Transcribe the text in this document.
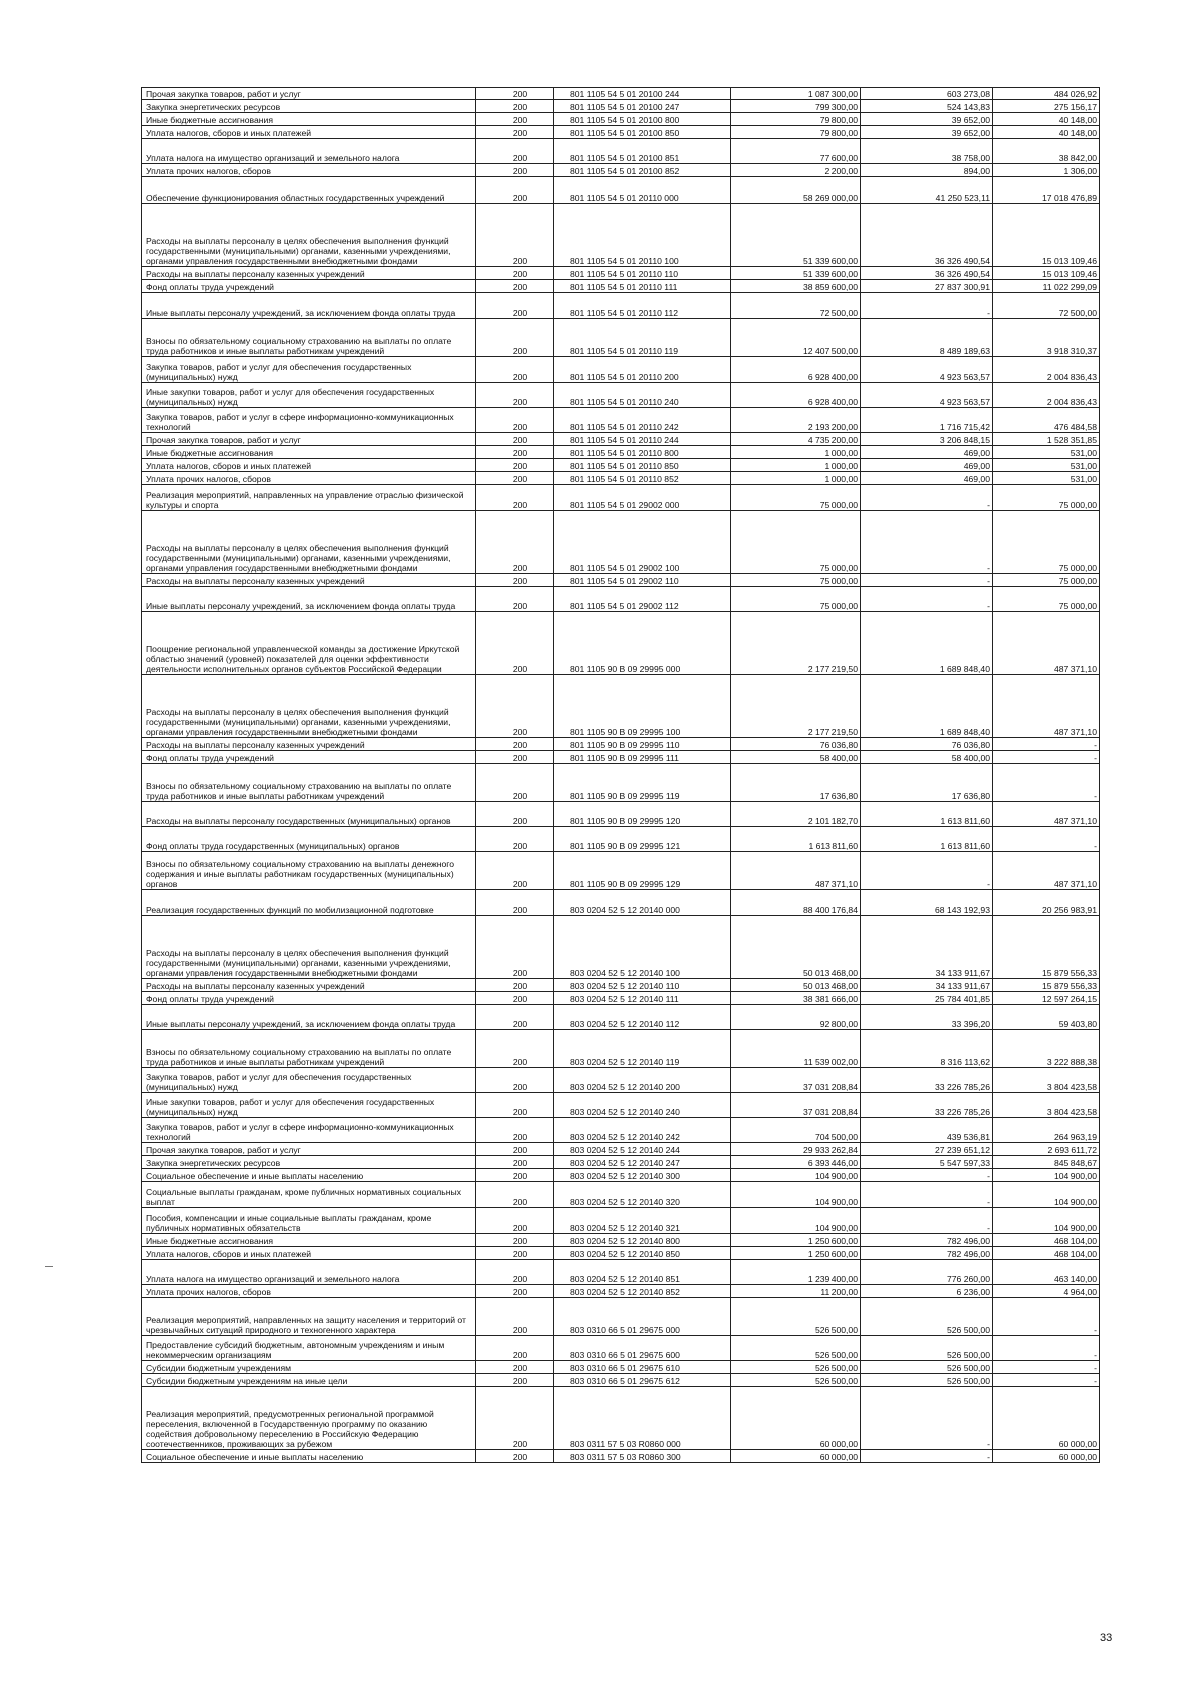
Прочая закупка товаров, работ и услуг	200	801 1105 54 5 01 20100 244	1 087 300,00	603 273,08	484 026,92
Закупка энергетических ресурсов	200	801 1105 54 5 01 20100 247	799 300,00	524 143,83	275 156,17
Иные бюджетные ассигнования	200	801 1105 54 5 01 20100 800	79 800,00	39 652,00	40 148,00
Уплата налогов, сборов и иных платежей	200	801 1105 54 5 01 20100 850	79 800,00	39 652,00	40 148,00
Уплата налога на имущество организаций и земельного налога	200	801 1105 54 5 01 20100 851	77 600,00	38 758,00	38 842,00
Уплата прочих налогов, сборов	200	801 1105 54 5 01 20100 852	2 200,00	894,00	1 306,00
Обеспечение функционирования областных государственных учреждений	200	801 1105 54 5 01 20110 000	58 269 000,00	41 250 523,11	17 018 476,89
Расходы на выплаты персоналу в целях обеспечения выполнения функций государственными (муниципальными) органами, казенными учреждениями, органами управления государственными внебюджетными фондами	200	801 1105 54 5 01 20110 100	51 339 600,00	36 326 490,54	15 013 109,46
Расходы на выплаты персоналу казенных учреждений	200	801 1105 54 5 01 20110 110	51 339 600,00	36 326 490,54	15 013 109,46
Фонд оплаты труда учреждений	200	801 1105 54 5 01 20110 111	38 859 600,00	27 837 300,91	11 022 299,09
Иные выплаты персоналу учреждений, за исключением фонда оплаты труда	200	801 1105 54 5 01 20110 112	72 500,00	-	72 500,00
Взносы по обязательному социальному страхованию на выплаты по оплате труда работников и иные выплаты работникам учреждений	200	801 1105 54 5 01 20110 119	12 407 500,00	8 489 189,63	3 918 310,37
Закупка товаров, работ и услуг для обеспечения государственных (муниципальных) нужд	200	801 1105 54 5 01 20110 200	6 928 400,00	4 923 563,57	2 004 836,43
Иные закупки товаров, работ и услуг для обеспечения государственных (муниципальных) нужд	200	801 1105 54 5 01 20110 240	6 928 400,00	4 923 563,57	2 004 836,43
Закупка товаров, работ и услуг в сфере информационно-коммуникационных технологий	200	801 1105 54 5 01 20110 242	2 193 200,00	1 716 715,42	476 484,58
Прочая закупка товаров, работ и услуг	200	801 1105 54 5 01 20110 244	4 735 200,00	3 206 848,15	1 528 351,85
Иные бюджетные ассигнования	200	801 1105 54 5 01 20110 800	1 000,00	469,00	531,00
Уплата налогов, сборов и иных платежей	200	801 1105 54 5 01 20110 850	1 000,00	469,00	531,00
Уплата прочих налогов, сборов	200	801 1105 54 5 01 20110 852	1 000,00	469,00	531,00
Реализация мероприятий, направленных на управление отраслью физической культуры и спорта	200	801 1105 54 5 01 29002 000	75 000,00	-	75 000,00
Расходы на выплаты персоналу в целях обеспечения выполнения функций государственными (муниципальными) органами, казенными учреждениями, органами управления государственными внебюджетными фондами	200	801 1105 54 5 01 29002 100	75 000,00	-	75 000,00
Расходы на выплаты персоналу казенных учреждений	200	801 1105 54 5 01 29002 110	75 000,00	-	75 000,00
Иные выплаты персоналу учреждений, за исключением фонда оплаты труда	200	801 1105 54 5 01 29002 112	75 000,00	-	75 000,00
Поощрение региональной управленческой команды за достижение Иркутской областью значений (уровней) показателей для оценки эффективности деятельности исполнительных органов субъектов Российской Федерации	200	801 1105 90 В 09 29995 000	2 177 219,50	1 689 848,40	487 371,10
Расходы на выплаты персоналу в целях обеспечения выполнения функций государственными (муниципальными) органами, казенными учреждениями, органами управления государственными внебюджетными фондами	200	801 1105 90 В 09 29995 100	2 177 219,50	1 689 848,40	487 371,10
Расходы на выплаты персоналу казенных учреждений	200	801 1105 90 В 09 29995 110	76 036,80	76 036,80	-
Фонд оплаты труда учреждений	200	801 1105 90 В 09 29995 111	58 400,00	58 400,00	-
Взносы по обязательному социальному страхованию на выплаты по оплате труда работников и иные выплаты работникам учреждений	200	801 1105 90 В 09 29995 119	17 636,80	17 636,80	-
Расходы на выплаты персоналу государственных (муниципальных) органов	200	801 1105 90 В 09 29995 120	2 101 182,70	1 613 811,60	487 371,10
Фонд оплаты труда государственных (муниципальных) органов	200	801 1105 90 В 09 29995 121	1 613 811,60	1 613 811,60	-
Взносы по обязательному социальному страхованию на выплаты денежного содержания и иные выплаты работникам государственных (муниципальных) органов	200	801 1105 90 В 09 29995 129	487 371,10	-	487 371,10
Реализация государственных функций по мобилизационной подготовке	200	803 0204 52 5 12 20140 000	88 400 176,84	68 143 192,93	20 256 983,91
Расходы на выплаты персоналу в целях обеспечения выполнения функций государственными (муниципальными) органами, казенными учреждениями, органами управления государственными внебюджетными фондами	200	803 0204 52 5 12 20140 100	50 013 468,00	34 133 911,67	15 879 556,33
Расходы на выплаты персоналу казенных учреждений	200	803 0204 52 5 12 20140 110	50 013 468,00	34 133 911,67	15 879 556,33
Фонд оплаты труда учреждений	200	803 0204 52 5 12 20140 111	38 381 666,00	25 784 401,85	12 597 264,15
Иные выплаты персоналу учреждений, за исключением фонда оплаты труда	200	803 0204 52 5 12 20140 112	92 800,00	33 396,20	59 403,80
Взносы по обязательному социальному страхованию на выплаты по оплате труда работников и иные выплаты работникам учреждений	200	803 0204 52 5 12 20140 119	11 539 002,00	8 316 113,62	3 222 888,38
Закупка товаров, работ и услуг для обеспечения государственных (муниципальных) нужд	200	803 0204 52 5 12 20140 200	37 031 208,84	33 226 785,26	3 804 423,58
Иные закупки товаров, работ и услуг для обеспечения государственных (муниципальных) нужд	200	803 0204 52 5 12 20140 240	37 031 208,84	33 226 785,26	3 804 423,58
Закупка товаров, работ и услуг в сфере информационно-коммуникационных технологий	200	803 0204 52 5 12 20140 242	704 500,00	439 536,81	264 963,19
Прочая закупка товаров, работ и услуг	200	803 0204 52 5 12 20140 244	29 933 262,84	27 239 651,12	2 693 611,72
Закупка энергетических ресурсов	200	803 0204 52 5 12 20140 247	6 393 446,00	5 547 597,33	845 848,67
Социальное обеспечение и иные выплаты населению	200	803 0204 52 5 12 20140 300	104 900,00	-	104 900,00
Социальные выплаты гражданам, кроме публичных нормативных социальных выплат	200	803 0204 52 5 12 20140 320	104 900,00	-	104 900,00
Пособия, компенсации и иные социальные выплаты гражданам, кроме публичных нормативных обязательств	200	803 0204 52 5 12 20140 321	104 900,00	-	104 900,00
Иные бюджетные ассигнования	200	803 0204 52 5 12 20140 800	1 250 600,00	782 496,00	468 104,00
Уплата налогов, сборов и иных платежей	200	803 0204 52 5 12 20140 850	1 250 600,00	782 496,00	468 104,00
Уплата налога на имущество организаций и земельного налога	200	803 0204 52 5 12 20140 851	1 239 400,00	776 260,00	463 140,00
Уплата прочих налогов, сборов	200	803 0204 52 5 12 20140 852	11 200,00	6 236,00	4 964,00
Реализация мероприятий, направленных на защиту населения и территорий от чрезвычайных ситуаций природного и техногенного характера	200	803 0310 66 5 01 29675 000	526 500,00	526 500,00	-
Предоставление субсидий бюджетным, автономным учреждениям и иным некоммерческим организациям	200	803 0310 66 5 01 29675 600	526 500,00	526 500,00	-
Субсидии бюджетным учреждениям	200	803 0310 66 5 01 29675 610	526 500,00	526 500,00	-
Субсидии бюджетным учреждениям на иные цели	200	803 0310 66 5 01 29675 612	526 500,00	526 500,00	-
Реализация мероприятий, предусмотренных региональной программой переселения, включенной в Государственную программу по оказанию содействия добровольному переселению в Российскую Федерацию соотечественников, проживающих за рубежом	200	803 0311 57 5 03 R0860 000	60 000,00	-	60 000,00
Социальное обеспечение и иные выплаты населению	200	803 0311 57 5 03 R0860 300	60 000,00	-	60 000,00
33
